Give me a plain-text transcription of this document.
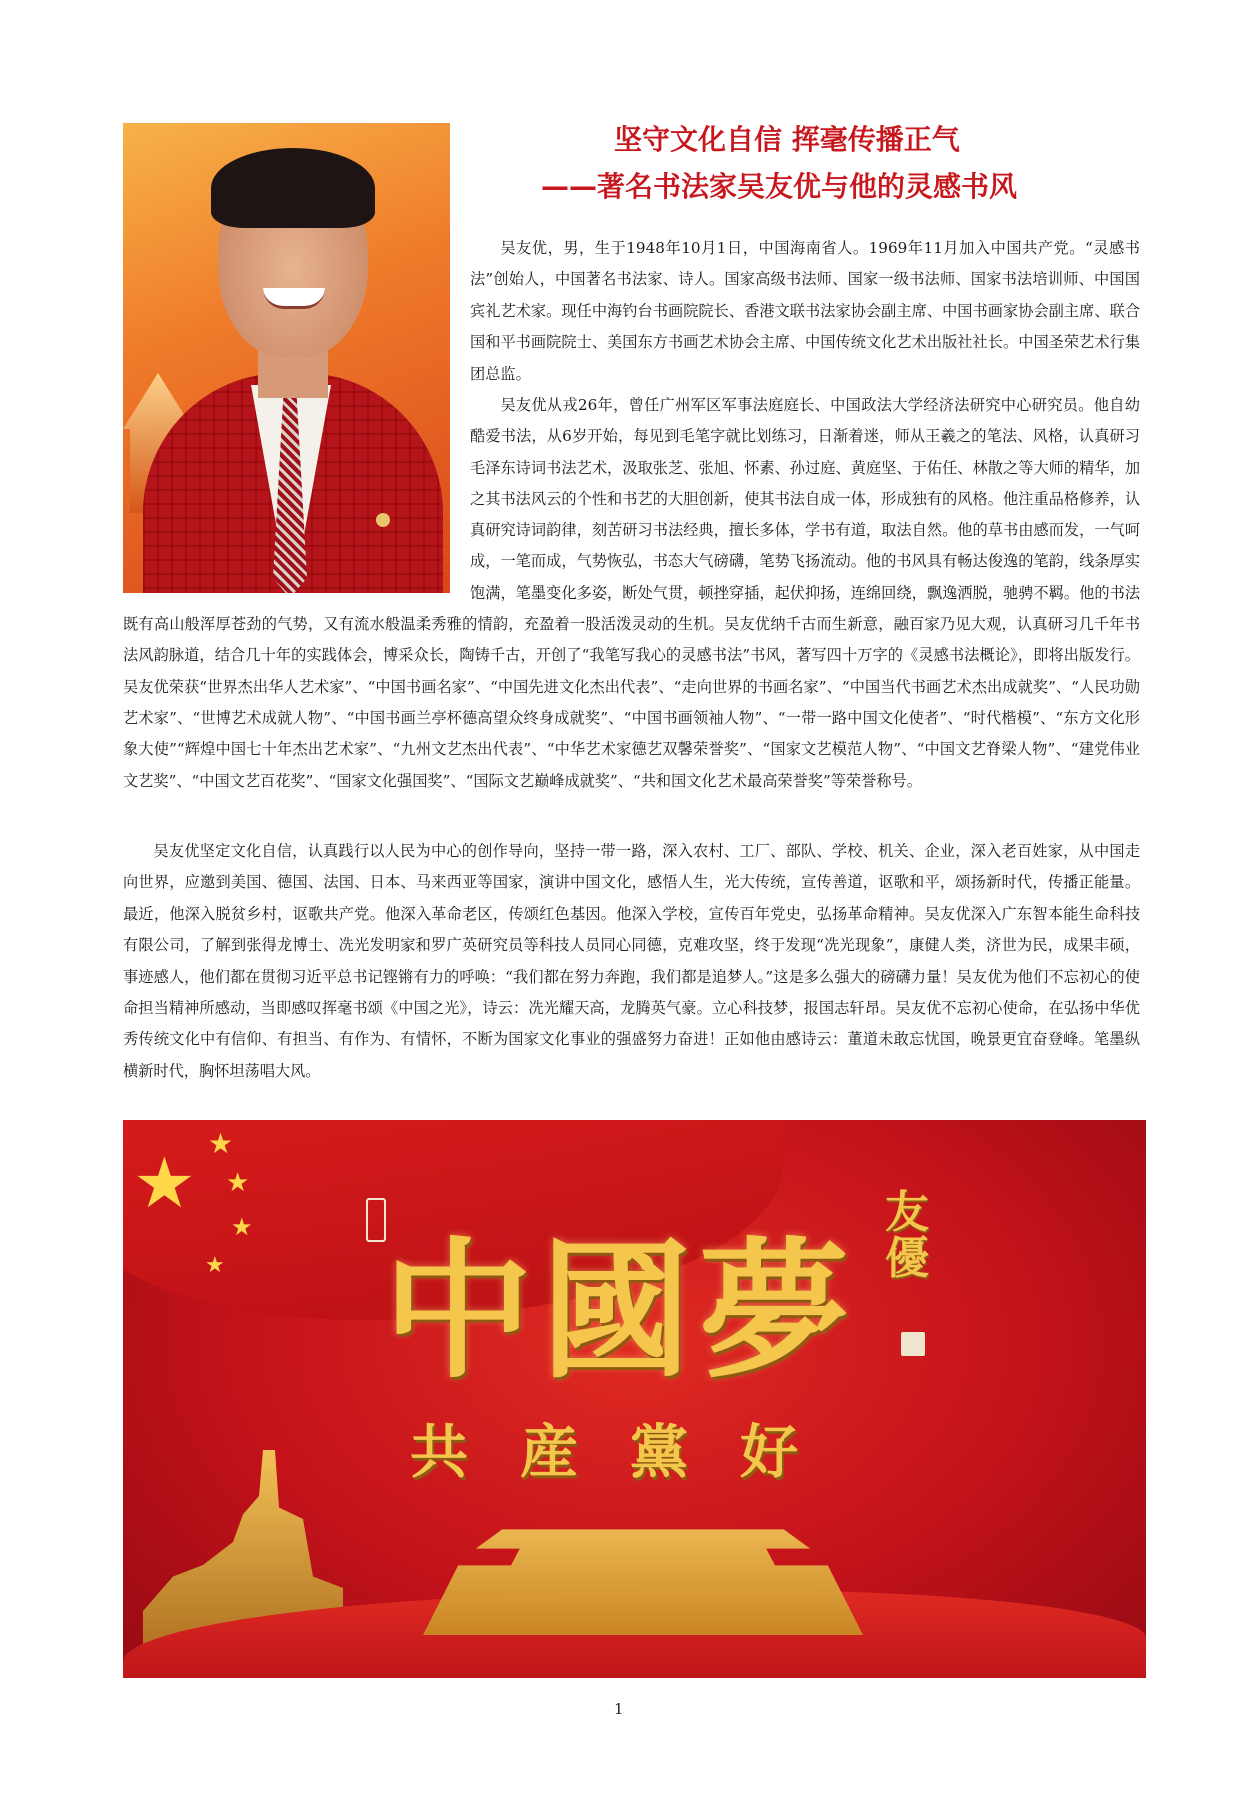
坚守文化自信 挥毫传播正气
——著名书法家吴友优与他的灵感书风

吴友优，男，生于1948年10月1日，中国海南省人。1969年11月加入中国共产党。“灵感书法”创始人，中国著名书法家、诗人。国家高级书法师、国家一级书法师、国家书法培训师、中国国宾礼艺术家。现任中海钓台书画院院长、香港文联书法家协会副主席、中国书画家协会副主席、联合国和平书画院院士、美国东方书画艺术协会主席、中国传统文化艺术出版社社长。中国圣荣艺术行集团总监。

吴友优从戎26年，曾任广州军区军事法庭庭长、中国政法大学经济法研究中心研究员。他自幼酷爱书法，从6岁开始，每见到毛笔字就比划练习，日渐着迷，师从王羲之的笔法、风格，认真研习毛泽东诗词书法艺术，汲取张芝、张旭、怀素、孙过庭、黄庭坚、于佑任、林散之等大师的精华，加之其书法风云的个性和书艺的大胆创新，使其书法自成一体，形成独有的风格。他注重品格修养，认真研究诗词韵律，刻苦研习书法经典，擅长多体，学书有道，取法自然。他的草书由感而发，一气呵成，一笔而成，气势恢弘，书态大气磅礴，笔势飞扬流动。他的书风具有畅达俊逸的笔韵，线条厚实饱满，笔墨变化多姿，断处气贯，顿挫穿插，起伏抑扬，连绵回绕，飘逸洒脱，驰骋不羁。他的书法既有高山般浑厚苍劲的气势，又有流水般温柔秀雅的情韵，充盈着一股活泼灵动的生机。吴友优纳千古而生新意，融百家乃见大观，认真研习几千年书法风韵脉道，结合几十年的实践体会，博采众长，陶铸千古，开创了“我笔写我心的灵感书法”书风，著写四十万字的《灵感书法概论》，即将出版发行。吴友优荣获“世界杰出华人艺术家”、“中国书画名家”、“中国先进文化杰出代表”、“走向世界的书画名家”、“中国当代书画艺术杰出成就奖”、“人民功勋艺术家”、“世博艺术成就人物”、“中国书画兰亭杯德高望众终身成就奖”、“中国书画领袖人物”、“一带一路中国文化使者”、“时代楷模”、“东方文化形象大使”“辉煌中国七十年杰出艺术家”、“九州文艺杰出代表”、“中华艺术家德艺双馨荣誉奖”、“国家文艺模范人物”、“中国文艺脊梁人物”、“建党伟业文艺奖”、“中国文艺百花奖”、“国家文化强国奖”、“国际文艺巅峰成就奖”、“共和国文化艺术最高荣誉奖”等荣誉称号。

吴友优坚定文化自信，认真践行以人民为中心的创作导向，坚持一带一路，深入农村、工厂、部队、学校、机关、企业，深入老百姓家，从中国走向世界，应邀到美国、德国、法国、日本、马来西亚等国家，演讲中国文化，感悟人生，光大传统，宣传善道，讴歌和平，颂扬新时代，传播正能量。最近，他深入脱贫乡村，讴歌共产党。他深入革命老区，传颂红色基因。他深入学校，宣传百年党史，弘扬革命精神。吴友优深入广东智本能生命科技有限公司，了解到张得龙博士、冼光发明家和罗广英研究员等科技人员同心同德，克难攻坚，终于发现“冼光现象”，康健人类，济世为民，成果丰硕，事迹感人，他们都在贯彻习近平总书记铿锵有力的呼唤：“我们都在努力奔跑，我们都是追梦人。”这是多么强大的磅礴力量！吴友优为他们不忘初心的使命担当精神所感动，当即感叹挥毫书颂《中国之光》，诗云：冼光耀天高，龙腾英气豪。立心科技梦，报国志轩昂。吴友优不忘初心使命，在弘扬中华优秀传统文化中有信仰、有担当、有作为、有情怀，不断为国家文化事业的强盛努力奋进！正如他由感诗云：董道未敢忘忧国，晚景更宜奋登峰。笔墨纵横新时代，胸怀坦荡唱大风。

★ ★
★
★
★ 中國夢
友優
共産黨好
1
